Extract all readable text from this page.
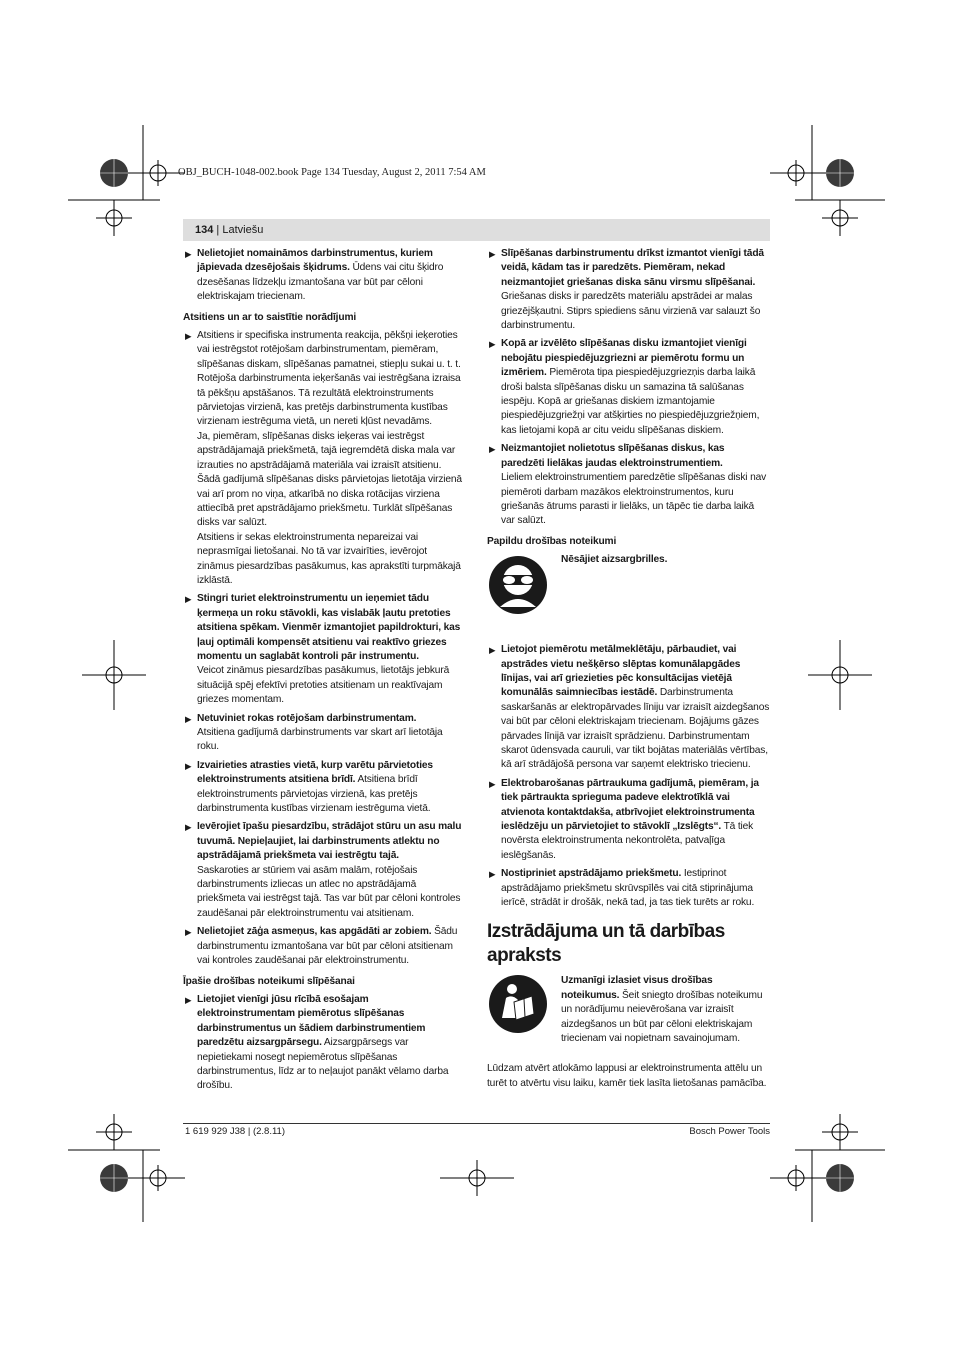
OBJ_BUCH-1048-002.book Page 134 Tuesday, August 2, 2011 7:54 AM
134 | Latviešu
▶ Nelietojiet nomaināmos darbinstrumentus, kuriem jāpievada dzesējošais šķidrums. Ūdens vai citu šķidro dzesēšanas līdzekļu izmantošana var būt par cēloni elektriskajam triecienam.

Atsitiens un ar to saistītie norādījumi
▶ Atsitiens ir specifiska instrumenta reakcija, pēkšņi ieķeroties vai iestrēgstot rotējošam darbinstrumentam, piemēram, slīpēšanas diskam, slīpēšanas pamatnei, stiepļu sukai u. t. t. Rotējoša darbinstrumenta ieķeršanās vai iestrēgšana izraisa tā pēkšņu apstāšanos. Tā rezultātā elektroinstruments pārvietojas virzienā, kas pretējs darbinstrumenta kustības virzienam iestrēguma vietā, un nereti kļūst nevadāms.

Ja, piemēram, slīpēšanas disks ieķeras vai iestrēgst apstrādājamajā priekšmetā, tajā iegremdētā diska mala var izrauties no apstrādājamā materiāla vai izraisīt atsitienu. Šādā gadījumā slīpēšanas disks pārvietojas lietotāja virzienā vai arī prom no viņa, atkarībā no diska rotācijas virziena attiecībā pret apstrādājamo priekšmetu. Turklāt slīpēšanas disks var salūzt.

Atsitiens ir sekas elektroinstrumenta nepareizai vai neprasmīgai lietošanai. No tā var izvairīties, ievērojot zināmus piesardzības pasākumus, kas aprakstīti turpmākajā izklāstā.

▶ Stingri turiet elektroinstrumentu un ieņemiet tādu ķermeņa un roku stāvokli, kas vislabāk ļautu pretoties atsitiena spēkam. Vienmēr izmantojiet papildrokturi, kas ļauj optimāli kompensēt atsitienu vai reaktīvo griezes momentu un saglabāt kontroli pār instrumentu.

Veicot zināmus piesardzības pasākumus, lietotājs jebkurā situācijā spēj efektīvi pretoties atsitienam un reaktīvajam griezes momentam.

▶ Netuviniet rokas rotējošam darbinstrumentam.

Atsitiena gadījumā darbinstruments var skart arī lietotāja roku.

▶ Izvairieties atrasties vietā, kurp varētu pārvietoties elektroinstruments atsitiena brīdī. Atsitiena brīdī elektroinstruments pārvietojas virzienā, kas pretējs darbinstrumenta kustības virzienam iestrēguma vietā.

▶ Ievērojiet īpašu piesardzību, strādājot stūru un asu malu tuvumā. Nepieļaujiet, lai darbinstruments atlektu no apstrādājamā priekšmeta vai iestrēgtu tajā.

Saskaroties ar stūriem vai asām malām, rotējošais darbinstruments izliecas un atlec no apstrādājamā priekšmeta vai iestrēgst tajā. Tas var būt par cēloni kontroles zaudēšanai pār elektroinstrumentu vai atsitienam.

▶ Nelietojiet zāģa asmeņus, kas apgādāti ar zobiem. Šādu darbinstrumentu izmantošana var būt par cēloni atsitienam vai kontroles zaudēšanai pār elektroinstrumentu.

Īpašie drošības noteikumi slīpēšanai
▶ Lietojiet vienīgi jūsu rīcībā esošajam elektroinstrumentam piemērotus slīpēšanas darbinstrumentus un šādiem darbinstrumentiem paredzētu aizsargpārsegu. Aizsargpārsegs var nepietiekami nosegt nepiemērotus slīpēšanas darbinstrumentus, līdz ar to neļaujot panākt vēlamo darba drošību.

▶ Slīpēšanas darbinstrumentu drīkst izmantot vienīgi tādā veidā, kādam tas ir paredzēts. Piemēram, nekad neizmantojiet griešanas diska sānu virsmu slīpēšanai.

Griešanas disks ir paredzēts materiālu apstrādei ar malas griezējšķautni. Stiprs spiediens sānu virzienā var salauzt šo darbinstrumentu.

▶ Kopā ar izvēlēto slīpēšanas disku izmantojiet vienīgi nebojātu piespiedējuzgriezni ar piemērotu formu un izmēriem. Piemērota tipa piespiedējuzgriezņis darba laikā droši balsta slīpēšanas disku un samazina tā salūšanas iespēju. Kopā ar griešanas diskiem izmantojamie piespiedējuzgriežņi var atšķirties no piespiedējuzgriežņiem, kas lietojami kopā ar citu veidu slīpēšanas diskiem.

▶ Neizmantojiet nolietotus slīpēšanas diskus, kas paredzēti lielākas jaudas elektroinstrumentiem.

Lieliem elektroinstrumentiem paredzētie slīpēšanas diski nav piemēroti darbam mazākos elektroinstrumentos, kuru griešanās ātrums parasti ir lielāks, un tāpēc tie darba laikā var salūzt.

Papildu drošības noteikumi
Nēsājiet aizsargbrilles.
▶ Lietojot piemērotu metālmeklētāju, pārbaudiet, vai apstrādes vietu nešķērso slēptas komunālapgādes līnijas, vai arī griezieties pēc konsultācijas vietējā komunālās saimniecības iestādē. Darbinstrumenta saskaršanās ar elektropārvades līniju var izraisīt aizdegšanos vai būt par cēloni elektriskajam triecienam. Bojājums gāzes pārvades līnijā var izraisīt sprādzienu. Darbinstrumentam skarot ūdensvada cauruli, var tikt bojātas materiālās vērtības, kā arī strādājošā persona var saņemt elektrisko triecienu.

▶ Elektrobarošanas pārtraukuma gadījumā, piemēram, ja tiek pārtraukta sprieguma padeve elektrotīklā vai atvienota kontaktdakša, atbrīvojiet elektroinstrumenta ieslēdzēju un pārvietojiet to stāvoklī „Izslēgts“. Tā tiek novērsta elektroinstrumenta nekontrolēta, patvaļīga ieslēgšanās.

▶ Nostipriniet apstrādājamo priekšmetu. Iestiprinot apstrādājamo priekšmetu skrūvspīlēs vai citā stiprinājuma ierīcē, strādāt ir drošāk, nekā tad, ja tas tiek turēts ar roku.

Izstrādājuma un tā darbības apraksts
Uzmanīgi izlasiet visus drošības noteikumus. Šeit sniegto drošības noteikumu un norādījumu neievērošana var izraisīt aizdegšanos un būt par cēloni elektriskajam triecienam vai nopietnam savainojumam.
Lūdzam atvērt atlokāmo lappusi ar elektroinstrumenta attēlu un turēt to atvērtu visu laiku, kamēr tiek lasīta lietošanas pamācība.
1 619 929 J38 | (2.8.11)	Bosch Power Tools
